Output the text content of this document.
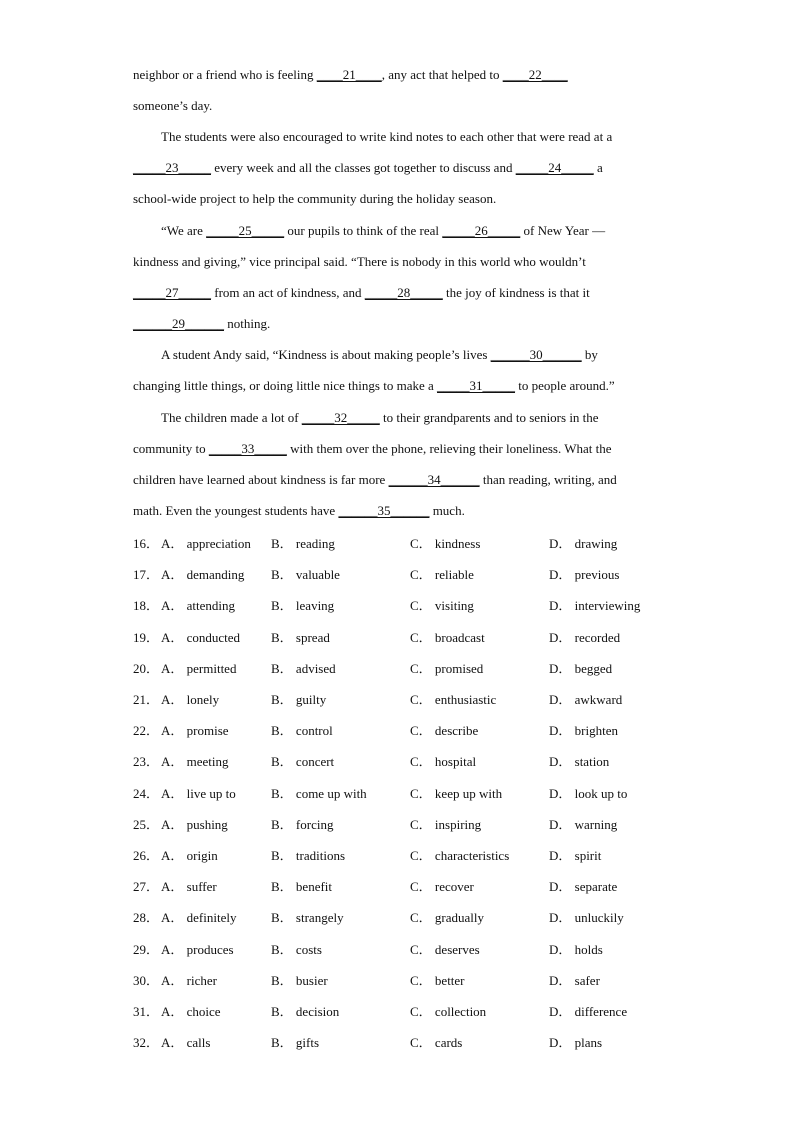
neighbor or a friend who is feeling ____21____, any act that helped to ____22____
someone’s day.
The students were also encouraged to write kind notes to each other that were read at a
_____23_____ every week and all the classes got together to discuss and _____24_____ a
school-wide project to help the community during the holiday season.
“We are _____25_____ our pupils to think of the real _____26_____ of New Year —
kindness and giving,” vice principal said. “There is nobody in this world who wouldn’t
_____27_____ from an act of kindness, and _____28_____ the joy of kindness is that it
______29______ nothing.
A student Andy said, “Kindness is about making people’s lives ______30______ by
changing little things, or doing little nice things to make a _____31_____ to people around.”
The children made a lot of _____32_____ to their grandparents and to seniors in the
community to _____33_____ with them over the phone, relieving their loneliness. What the
children have learned about kindness is far more ______34______ than reading, writing, and
math. Even the youngest students have ______35______ much.
16． A． appreciation B． reading	C． kindness	D． drawing
17． A． demanding B． valuable	C． reliable	D． previous
18． A． attending	B． leaving	C． visiting	D． interviewing
19． A． conducted B． spread	C． broadcast	D． recorded
20． A． permitted	B． advised	C． promised	D． begged
21． A． lonely	B． guilty	C． enthusiastic	D． awkward
22． A． promise	B． control	C． describe	D． brighten
23． A． meeting	B． concert	C． hospital	D． station
24． A． live up to	B． come up with	C． keep up with	D． look up to
25． A． pushing	B． forcing	C． inspiring	D． warning
26． A． origin	B． traditions	C． characteristics	D． spirit
27． A． suffer	B． benefit	C． recover	D． separate
28． A． definitely	B． strangely	C． gradually	D． unluckily
29． A． produces	B． costs	C． deserves	D． holds
30． A． richer	B． busier	C． better	D． safer
31． A． choice	B． decision	C． collection	D． difference
32． A． calls	B． gifts	C． cards	D． plans
